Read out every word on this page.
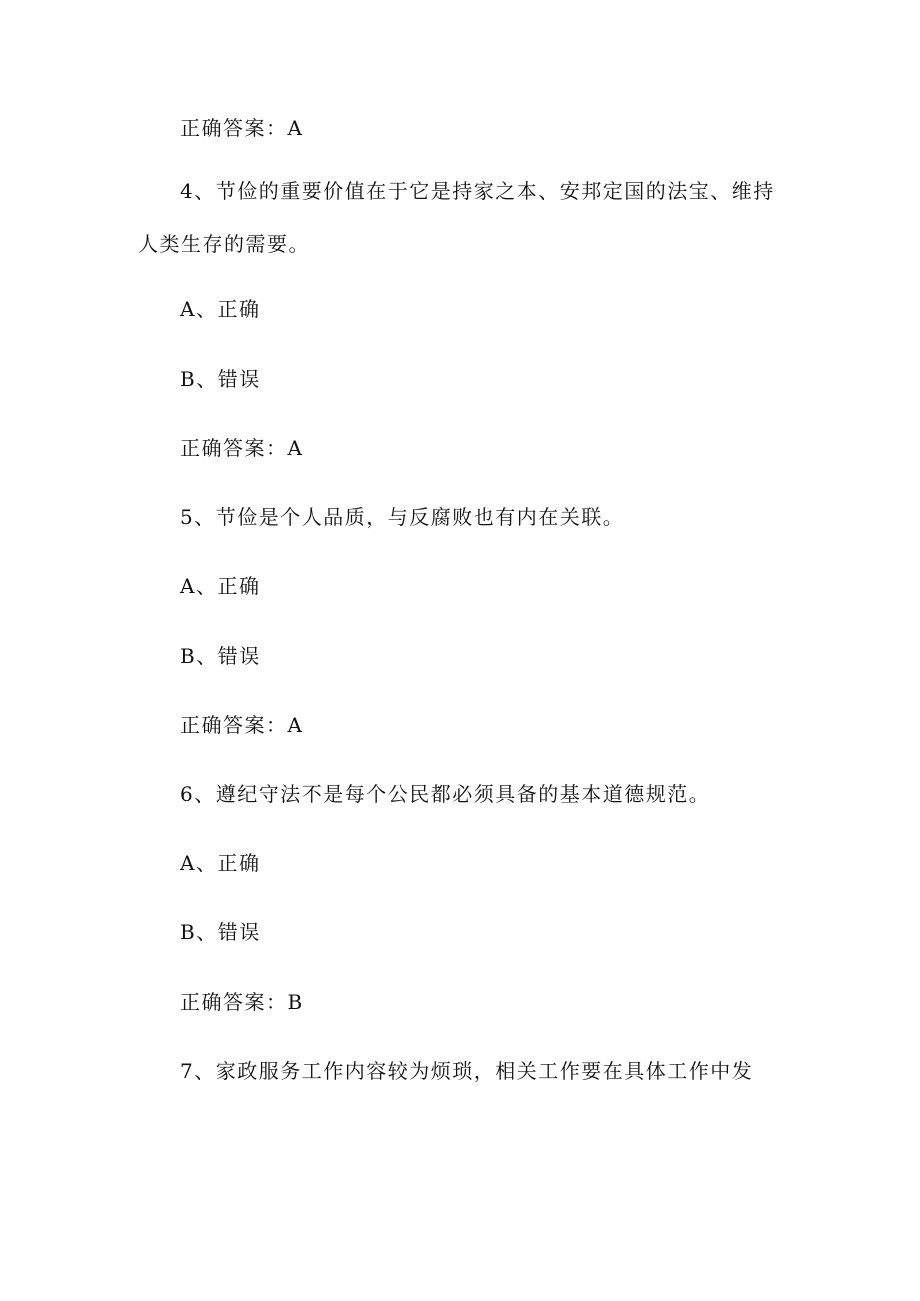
正确答案：A
4、节俭的重要价值在于它是持家之本、安邦定国的法宝、维持
人类生存的需要。
A、正确
B、错误
正确答案：A
5、节俭是个人品质，与反腐败也有内在关联。
A、正确
B、错误
正确答案：A
6、遵纪守法不是每个公民都必须具备的基本道德规范。
A、正确
B、错误
正确答案：B
7、家政服务工作内容较为烦琐，相关工作要在具体工作中发
